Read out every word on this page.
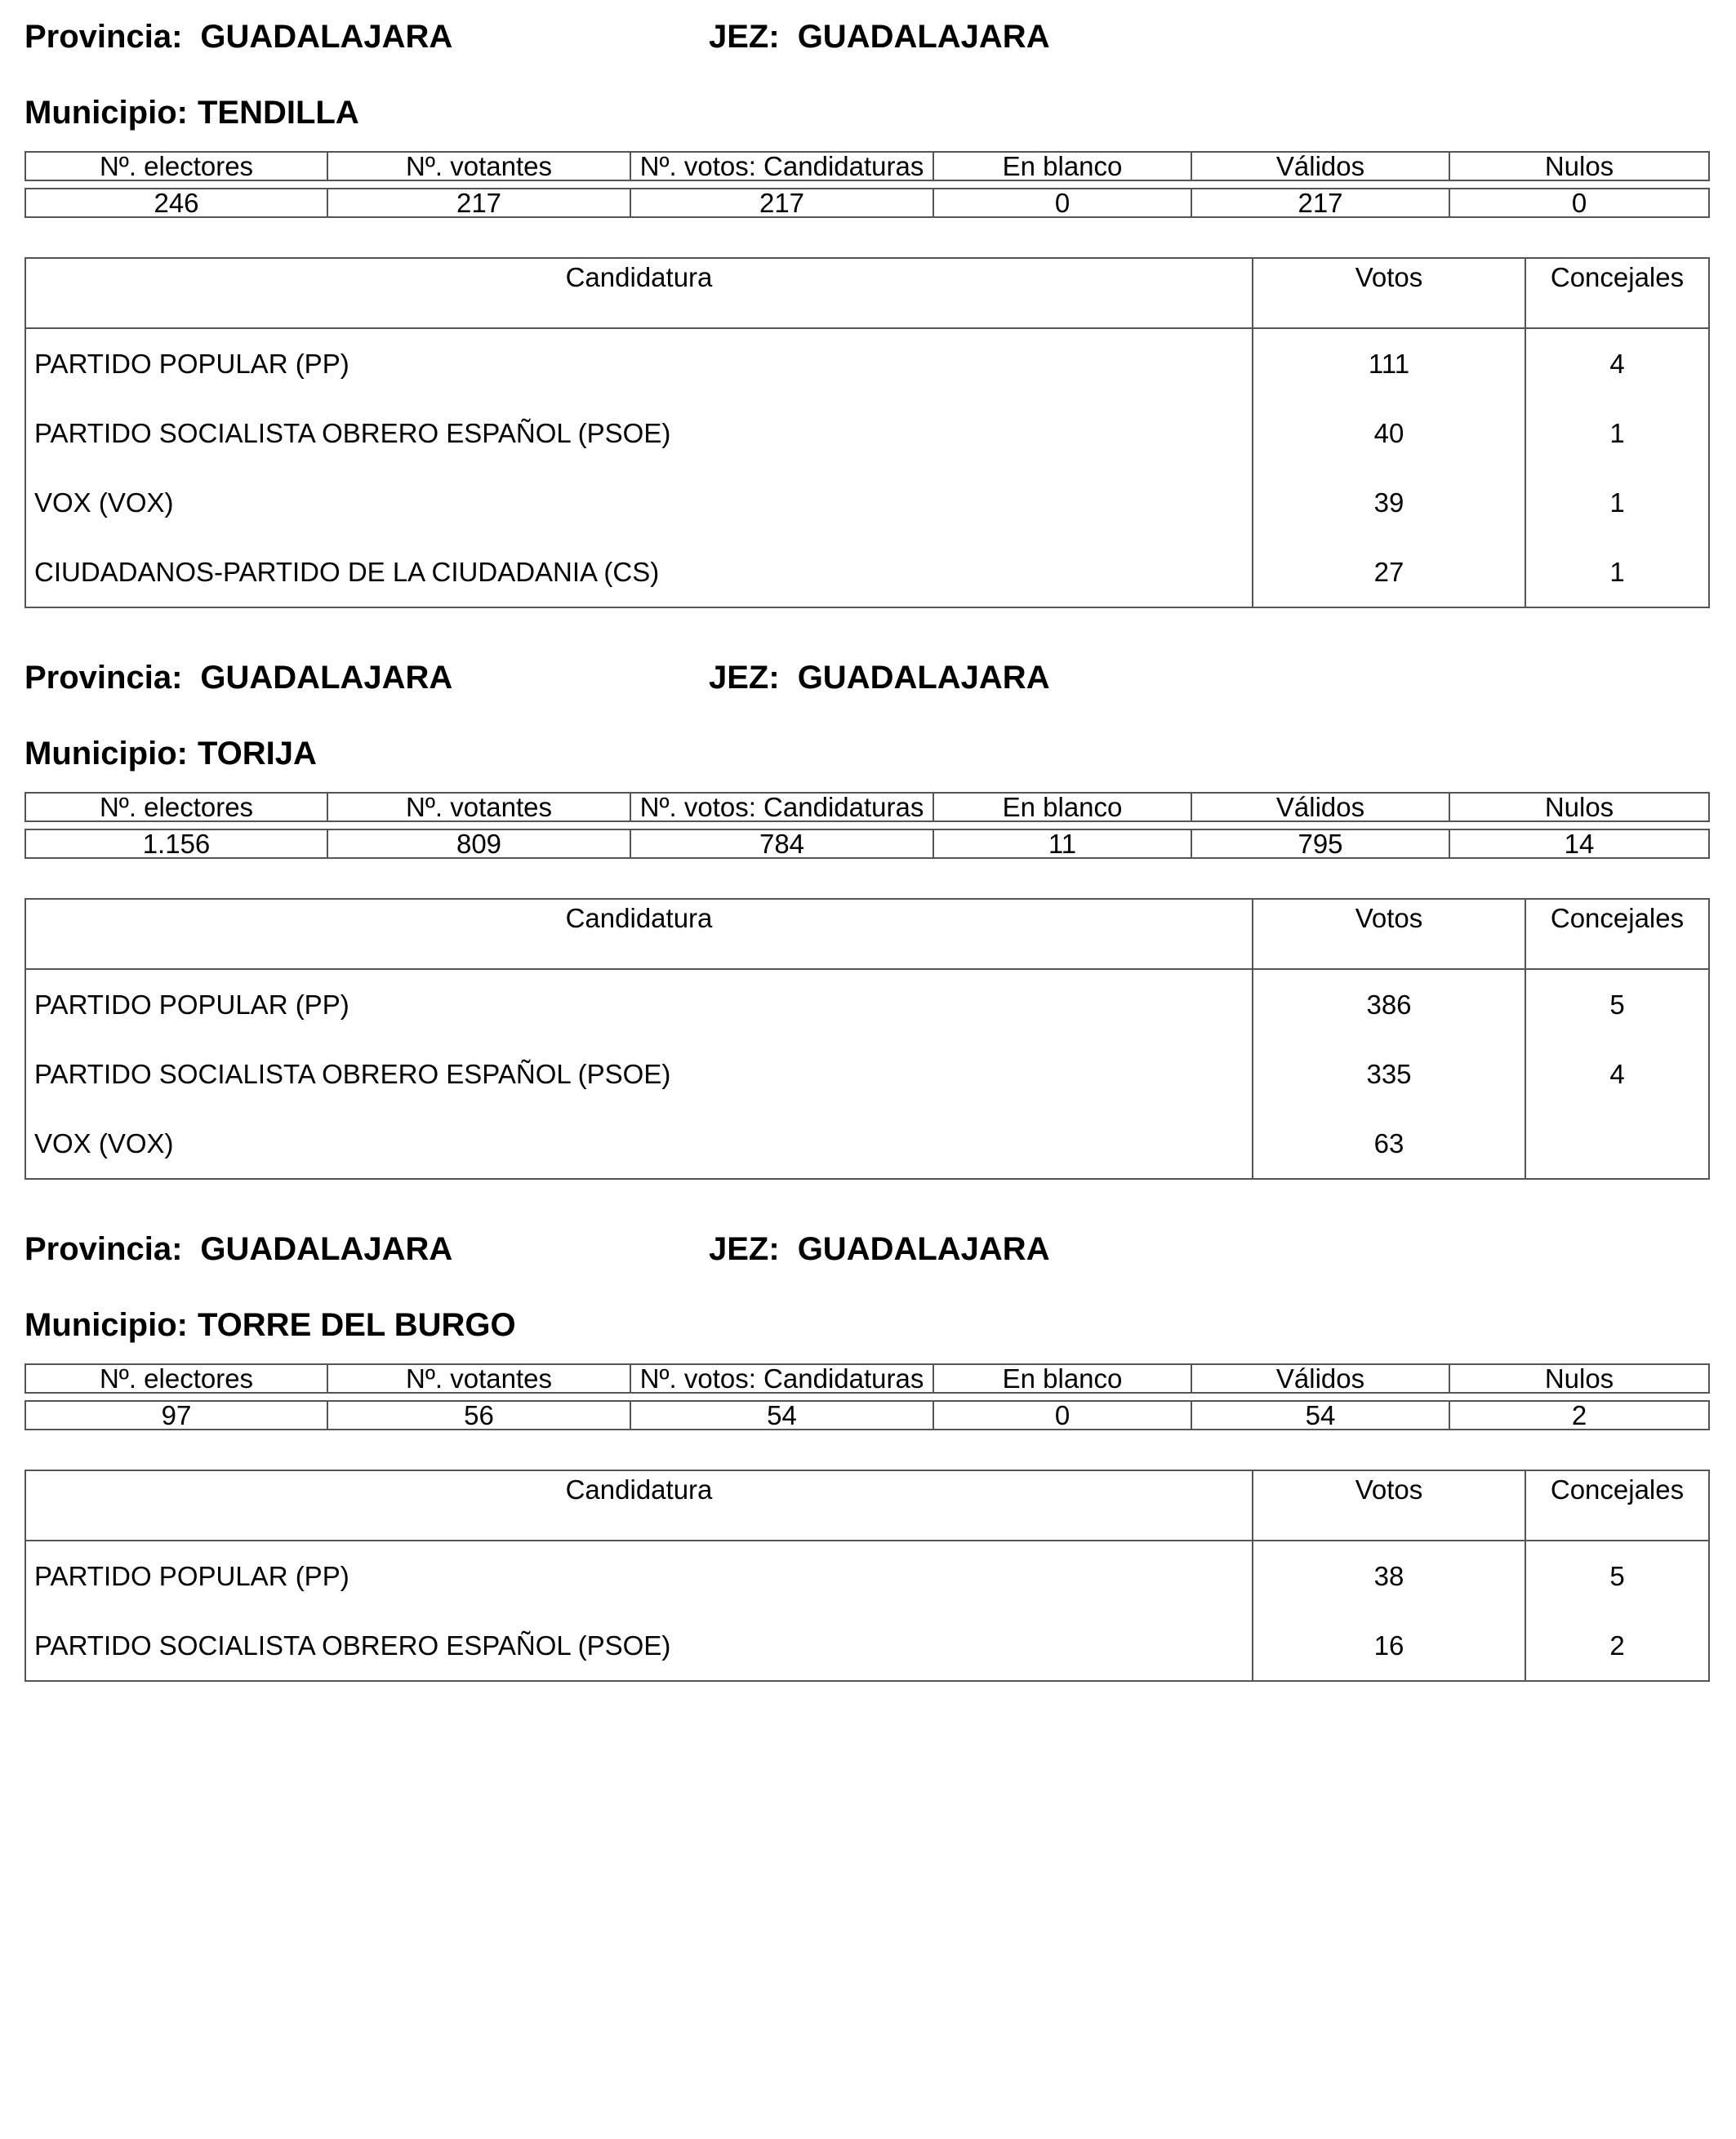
Provincia: GUADALAJARA	JEZ: GUADALAJARA
Municipio: TENDILLA
Nº. electores	Nº. votantes	Nº. votos: Candidaturas	En blanco	Válidos	Nulos

246	217	217	0	217	0
Candidatura	Votos	Concejales
PARTIDO POPULAR (PP)	111	4
PARTIDO SOCIALISTA OBRERO ESPAÑOL (PSOE)	40	1
VOX (VOX)	39	1
CIUDADANOS-PARTIDO DE LA CIUDADANIA (CS)	27	1
Provincia: GUADALAJARA	JEZ: GUADALAJARA
Municipio: TORIJA
Nº. electores	Nº. votantes	Nº. votos: Candidaturas	En blanco	Válidos	Nulos

1.156	809	784	11	795	14
Candidatura	Votos	Concejales
PARTIDO POPULAR (PP)	386	5
PARTIDO SOCIALISTA OBRERO ESPAÑOL (PSOE)	335	4
VOX (VOX)	63	
Provincia: GUADALAJARA	JEZ: GUADALAJARA
Municipio: TORRE DEL BURGO
Nº. electores	Nº. votantes	Nº. votos: Candidaturas	En blanco	Válidos	Nulos

97	56	54	0	54	2
Candidatura	Votos	Concejales
PARTIDO POPULAR (PP)	38	5
PARTIDO SOCIALISTA OBRERO ESPAÑOL (PSOE)	16	2
